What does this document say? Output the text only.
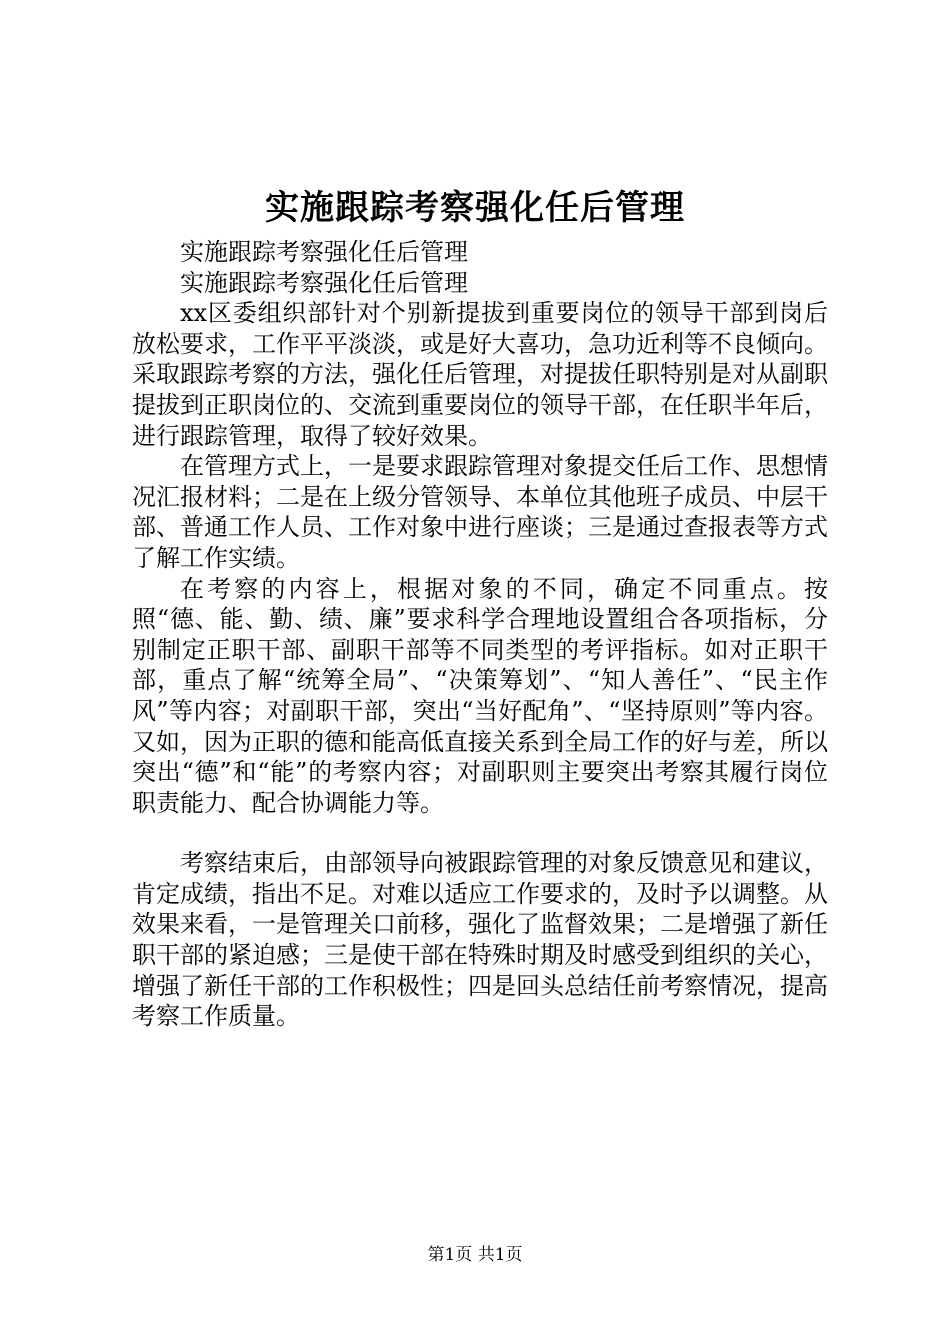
实施跟踪考察强化任后管理

实施跟踪考察强化任后管理

实施跟踪考察强化任后管理

xx区委组织部针对个别新提拔到重要岗位的领导干部到岗后放松要求，工作平平淡淡，或是好大喜功，急功近利等不良倾向。采取跟踪考察的方法，强化任后管理，对提拔任职特别是对从副职提拔到正职岗位的、交流到重要岗位的领导干部，在任职半年后，进行跟踪管理，取得了较好效果。

在管理方式上，一是要求跟踪管理对象提交任后工作、思想情况汇报材料；二是在上级分管领导、本单位其他班子成员、中层干部、普通工作人员、工作对象中进行座谈；三是通过查报表等方式了解工作实绩。

在考察的内容上，根据对象的不同，确定不同重点。按照“德、能、勤、绩、廉”要求科学合理地设置组合各项指标，分别制定正职干部、副职干部等不同类型的考评指标。如对正职干部，重点了解“统筹全局”、“决策筹划”、“知人善任”、“民主作风”等内容；对副职干部，突出“当好配角”、“坚持原则”等内容。又如，因为正职的德和能高低直接关系到全局工作的好与差，所以突出“德”和“能”的考察内容；对副职则主要突出考察其履行岗位职责能力、配合协调能力等。

考察结束后，由部领导向被跟踪管理的对象反馈意见和建议，肯定成绩，指出不足。对难以适应工作要求的，及时予以调整。从效果来看，一是管理关口前移，强化了监督效果；二是增强了新任职干部的紧迫感；三是使干部在特殊时期及时感受到组织的关心，增强了新任干部的工作积极性；四是回头总结任前考察情况，提高考察工作质量。

第1页 共1页
